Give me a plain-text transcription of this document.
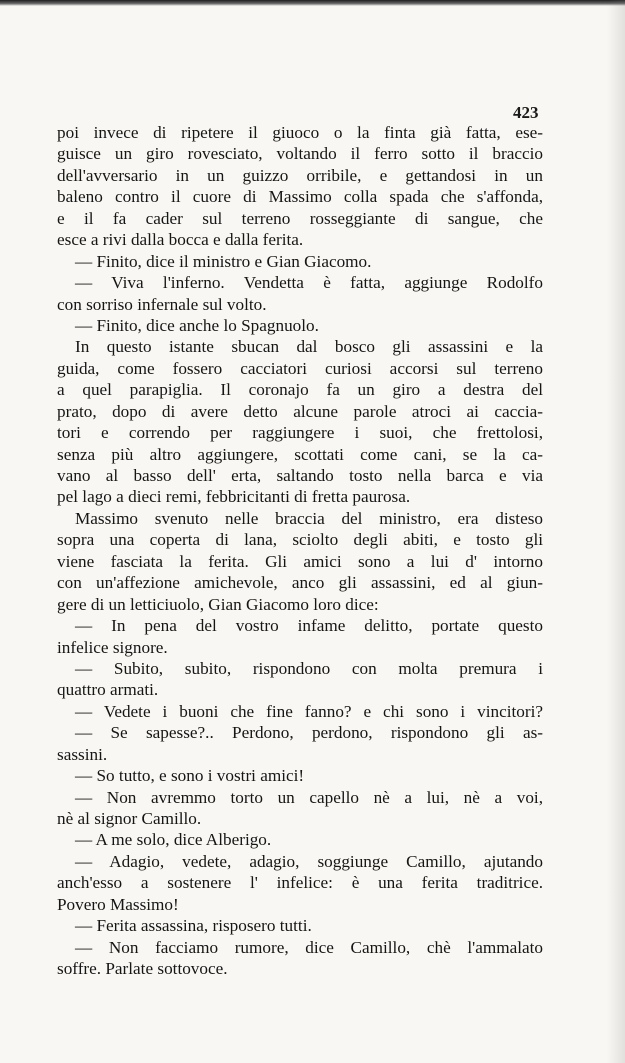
423
poi invece di ripetere il giuoco o la finta già fatta, ese-
guisce un giro rovesciato, voltando il ferro sotto il braccio
dell'avversario in un guizzo orribile, e gettandosi in un
baleno contro il cuore di Massimo colla spada che s'affonda,
e il fa cader sul terreno rosseggiante di sangue, che
esce a rivi dalla bocca e dalla ferita.
— Finito, dice il ministro e Gian Giacomo.
— Viva l'inferno. Vendetta è fatta, aggiunge Rodolfo
con sorriso infernale sul volto.
— Finito, dice anche lo Spagnuolo.
In questo istante sbucan dal bosco gli assassini e la
guida, come fossero cacciatori curiosi accorsi sul terreno
a quel parapiglia. Il coronajo fa un giro a destra del
prato, dopo di avere detto alcune parole atroci ai caccia-
tori e correndo per raggiungere i suoi, che frettolosi,
senza più altro aggiungere, scottati come cani, se la ca-
vano al basso dell' erta, saltando tosto nella barca e via
pel lago a dieci remi, febbricitanti di fretta paurosa.
Massimo svenuto nelle braccia del ministro, era disteso
sopra una coperta di lana, sciolto degli abiti, e tosto gli
viene fasciata la ferita. Gli amici sono a lui d' intorno
con un'affezione amichevole, anco gli assassini, ed al giun-
gere di un letticiuolo, Gian Giacomo loro dice:
— In pena del vostro infame delitto, portate questo
infelice signore.
— Subito, subito, rispondono con molta premura i
quattro armati.
— Vedete i buoni che fine fanno? e chi sono i vincitori?
— Se sapesse?.. Perdono, perdono, rispondono gli as-
sassini.
— So tutto, e sono i vostri amici!
— Non avremmo torto un capello nè a lui, nè a voi,
nè al signor Camillo.
— A me solo, dice Alberigo.
— Adagio, vedete, adagio, soggiunge Camillo, ajutando
anch'esso a sostenere l' infelice: è una ferita traditrice.
Povero Massimo!
— Ferita assassina, risposero tutti.
— Non facciamo rumore, dice Camillo, chè l'ammalato
soffre. Parlate sottovoce.
